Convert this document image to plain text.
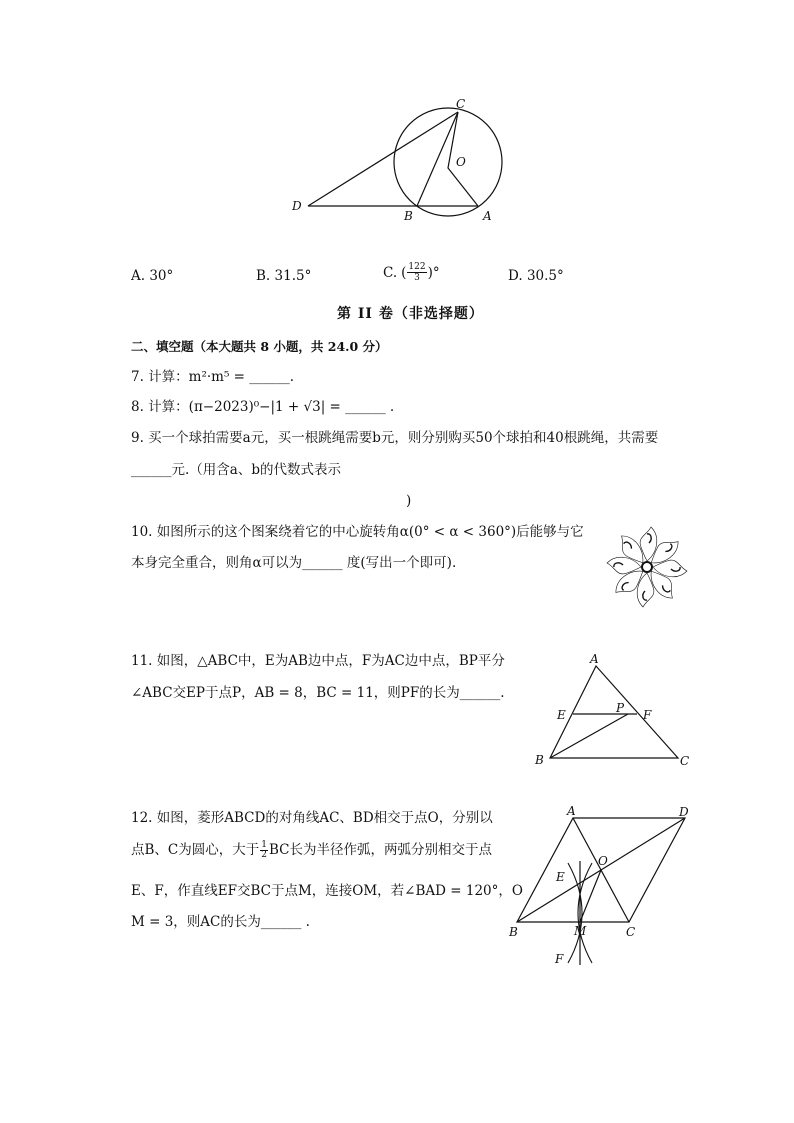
C
O
D
B	A
A. 30°	B. 31.5°	C. ( $\frac{122}{3}$ )°	D. 30.5°
第 II 卷（非选择题）
二、填空题（本大题共 8 小题，共 24.0 分）
7. 计算：m²·m⁵ = ______.
8. 计算：(π−2023)⁰−|1 + √3| = ______ .
9. 买一个球拍需要a元，买一根跳绳需要b元，则分别购买50个球拍和40根跳绳，共需要
______元.（用含a、b的代数式表示
)
10. 如图所示的这个图案绕着它的中心旋转角α(0° < α < 360°)后能够与它
本身完全重合，则角α可以为______ 度(写出一个即可).
11. 如图，△ABC中，E为AB边中点，F为AC边中点，BP平分
∠ABC交EP于点P，AB = 8，BC = 11，则PF的长为______.
A
E	P F
B	C
12. 如图，菱形ABCD的对角线AC、BD相交于点O，分别以
点B、C为圆心，大于 $\frac{1}{2}$ BC长为半径作弧，两弧分别相交于点
E、F，作直线EF交BC于点M，连接OM，若∠BAD = 120°，O
M = 3，则AC的长为______ .
A	D
O
E
B	M	C
F
